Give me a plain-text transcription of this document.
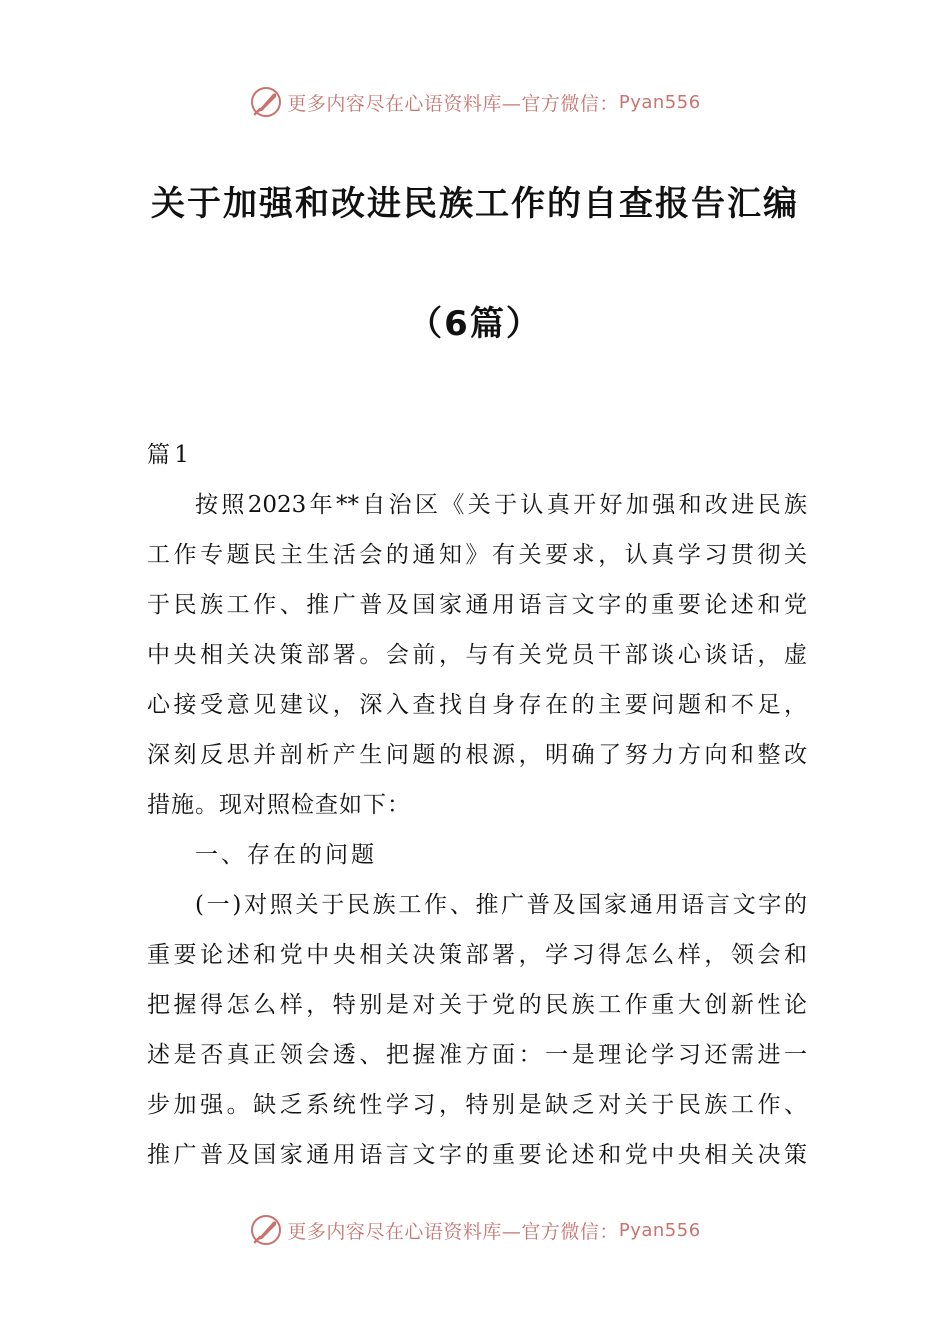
更多内容尽在心语资料库—官方微信： Pyan556
关于加强和改进民族工作的自查报告汇编
（6篇）
篇1
按照2023年**自治区《关于认真开好加强和改进民族
工作专题民主生活会的通知》有关要求，认真学习贯彻关
于民族工作、推广普及国家通用语言文字的重要论述和党
中央相关决策部署。会前，与有关党员干部谈心谈话，虚
心接受意见建议，深入查找自身存在的主要问题和不足，
深刻反思并剖析产生问题的根源，明确了努力方向和整改
措施。现对照检查如下：
一、存在的问题
(一)对照关于民族工作、推广普及国家通用语言文字的
重要论述和党中央相关决策部署，学习得怎么样，领会和
把握得怎么样，特别是对关于党的民族工作重大创新性论
述是否真正领会透、把握准方面：一是理论学习还需进一
步加强。缺乏系统性学习，特别是缺乏对关于民族工作、
推广普及国家通用语言文字的重要论述和党中央相关决策
更多内容尽在心语资料库—官方微信： Pyan556
